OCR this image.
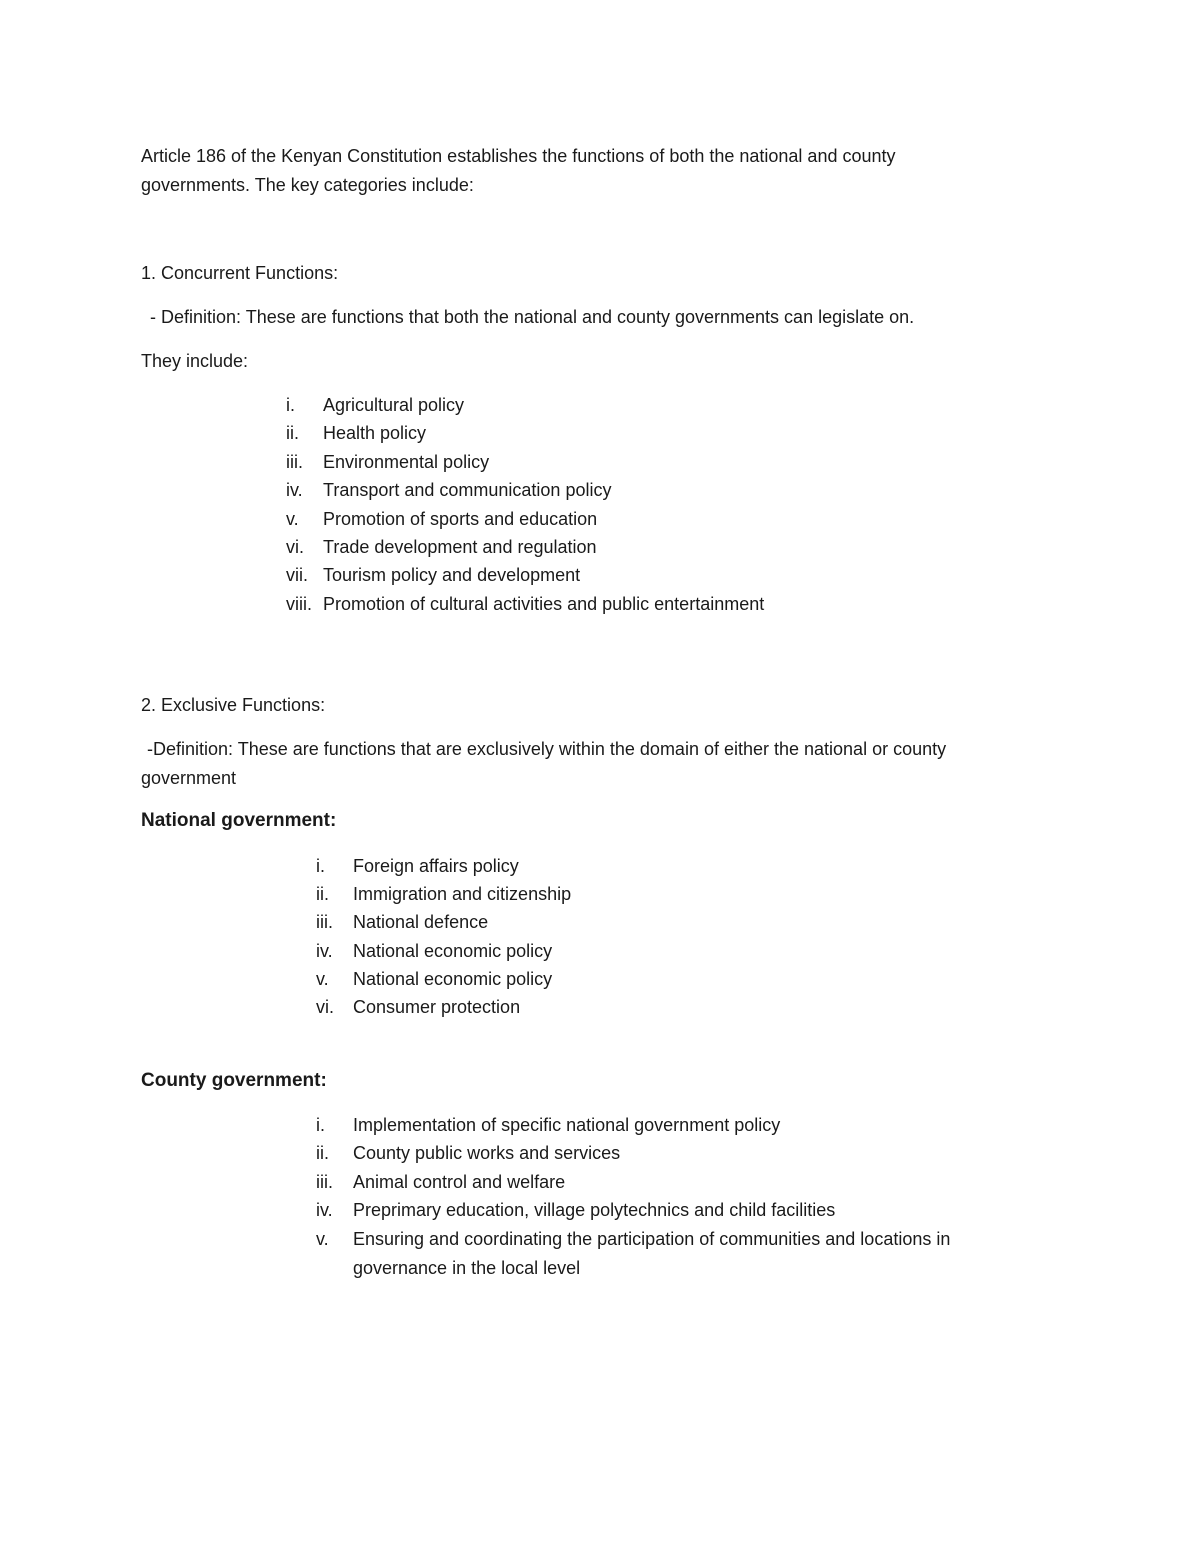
Article 186 of the Kenyan Constitution establishes the functions of both the national and county
governments. The key categories include:
1. Concurrent Functions:
- Definition: These are functions that both the national and county governments can legislate on.
They include:
i. Agricultural policy
ii. Health policy
iii. Environmental policy
iv. Transport and communication policy
v. Promotion of sports and education
vi. Trade development and regulation
vii. Tourism policy and development
viii. Promotion of cultural activities and public entertainment
2. Exclusive Functions:
-Definition: These are functions that are exclusively within the domain of either the national or county
government
National government:
i. Foreign affairs policy
ii. Immigration and citizenship
iii. National defence
iv. National economic policy
v. National economic policy
vi. Consumer protection
County government:
i. Implementation of specific national government policy
ii. County public works and services
iii. Animal control and welfare
iv. Preprimary education, village polytechnics and child facilities
v. Ensuring and coordinating the participation of communities and locations in
governance in the local level
